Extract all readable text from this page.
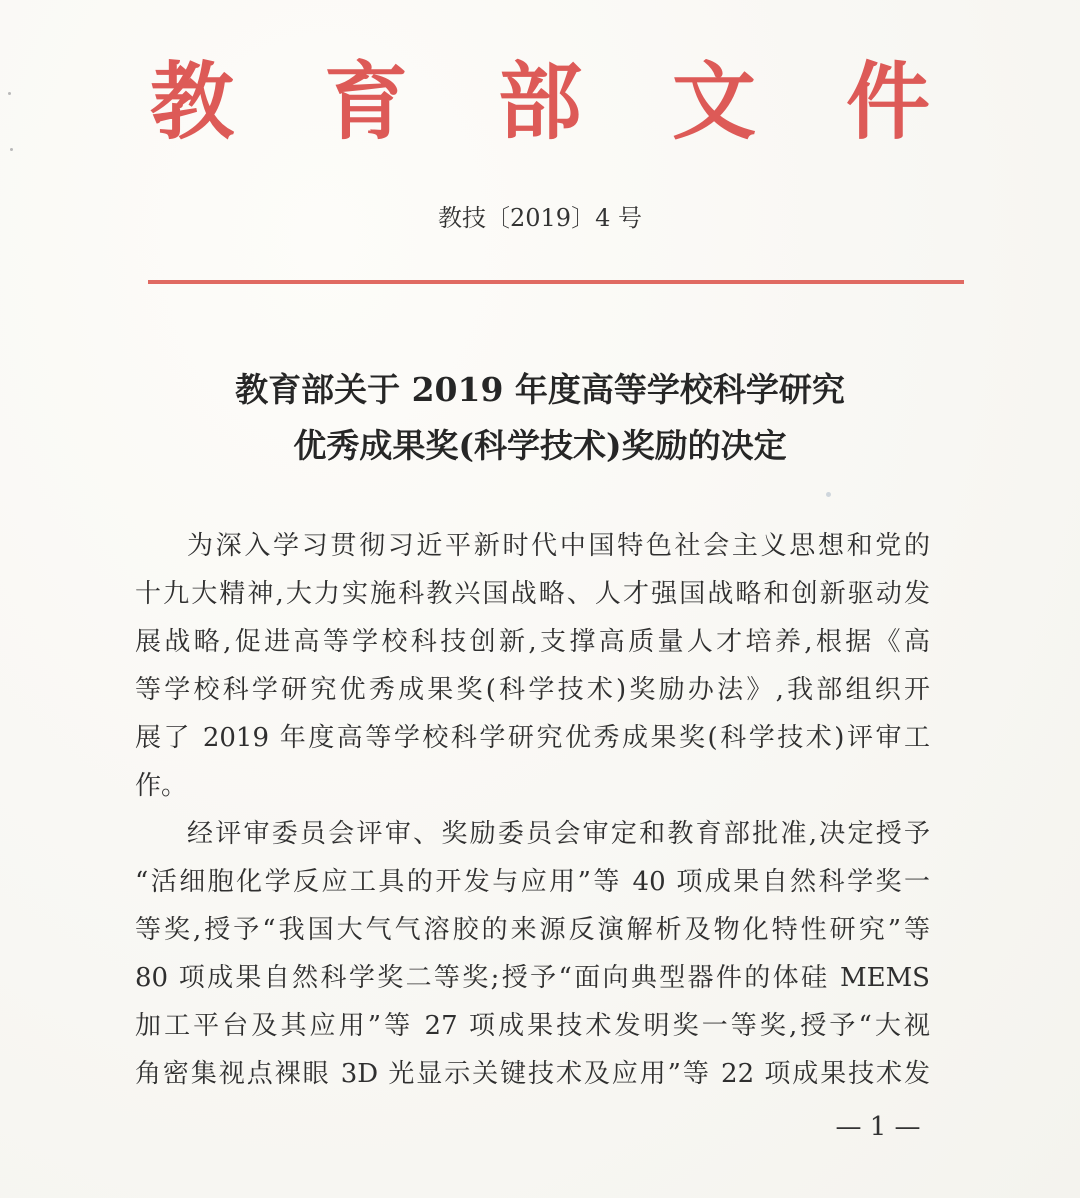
教 育 部 文 件
教技〔2019〕4 号
教育部关于 2019 年度高等学校科学研究
优秀成果奖(科学技术)奖励的决定
为深入学习贯彻习近平新时代中国特色社会主义思想和党的
十九大精神,大力实施科教兴国战略、人才强国战略和创新驱动发
展战略,促进高等学校科技创新,支撑高质量人才培养,根据《高
等学校科学研究优秀成果奖(科学技术)奖励办法》,我部组织开
展了 2019 年度高等学校科学研究优秀成果奖(科学技术)评审工
作。
经评审委员会评审、奖励委员会审定和教育部批准,决定授予
“活细胞化学反应工具的开发与应用”等 40 项成果自然科学奖一
等奖,授予“我国大气气溶胶的来源反演解析及物化特性研究”等
80 项成果自然科学奖二等奖;授予“面向典型器件的体硅 MEMS
加工平台及其应用”等 27 项成果技术发明奖一等奖,授予“大视
角密集视点裸眼 3D 光显示关键技术及应用”等 22 项成果技术发
— 1 —
